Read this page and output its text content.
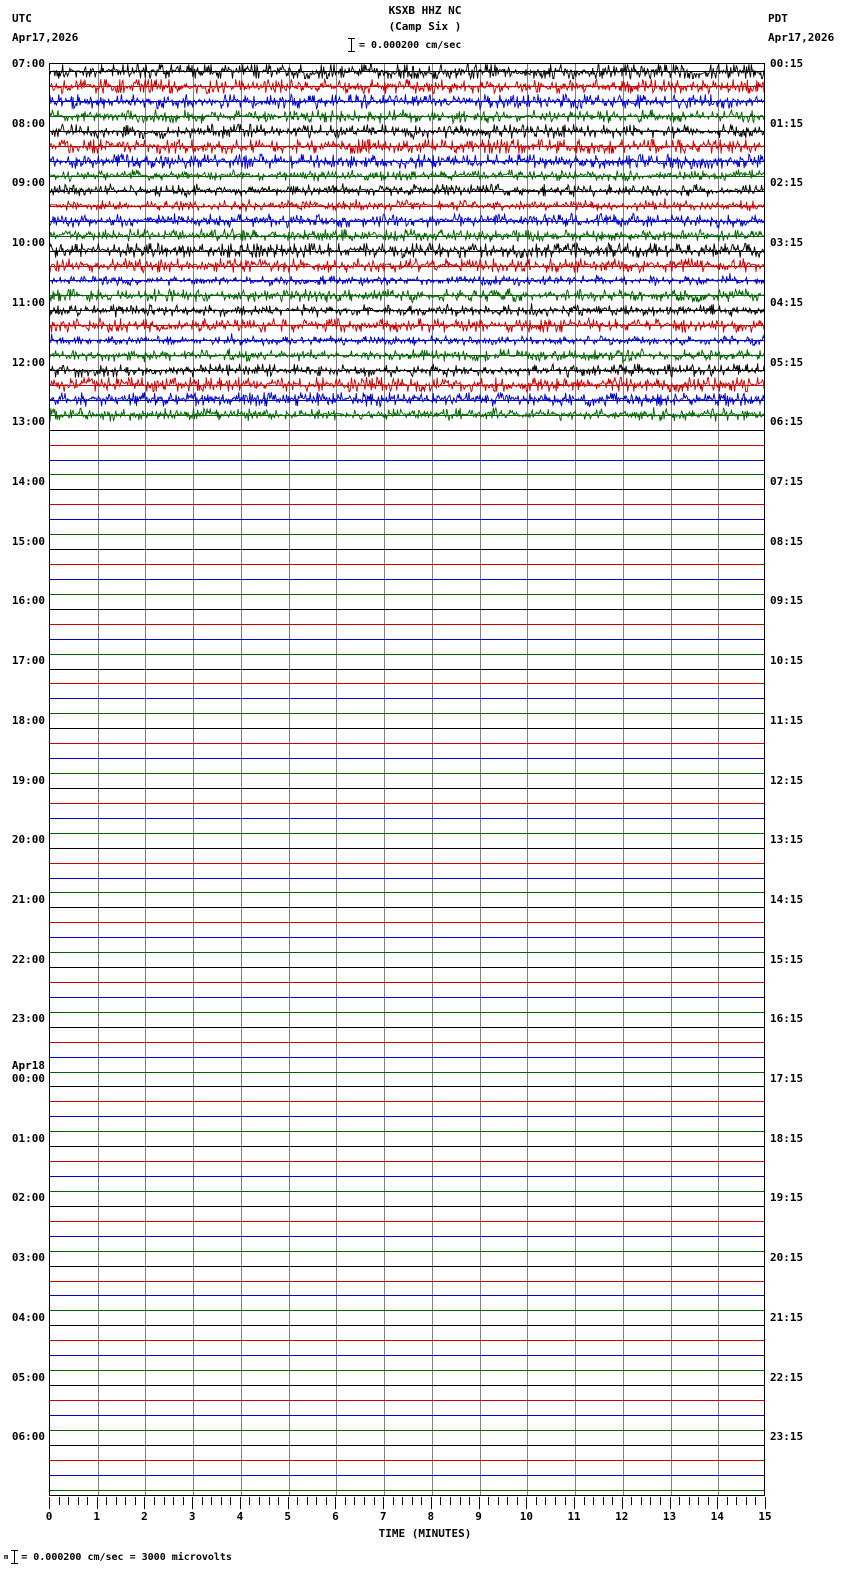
UTC
Apr17,2026
PDT
Apr17,2026
KSXB HHZ NC
(Camp Six )
= 0.000200 cm/sec
07:00
08:00
09:00
10:00
11:00
12:00
13:00
14:00
15:00
16:00
17:00
18:00
19:00
20:00
21:00
22:00
23:00
00:00
01:00
02:00
03:00
04:00
05:00
06:00
Apr18
00:15
01:15
02:15
03:15
04:15
05:15
06:15
07:15
08:15
09:15
10:15
11:15
12:15
13:15
14:15
15:15
16:15
17:15
18:15
19:15
20:15
21:15
22:15
23:15
0	1	2	3	4	5	6	7	8	9	10	11	12	13	14	15
TIME (MINUTES)
m = 0.000200 cm/sec = 3000 microvolts
